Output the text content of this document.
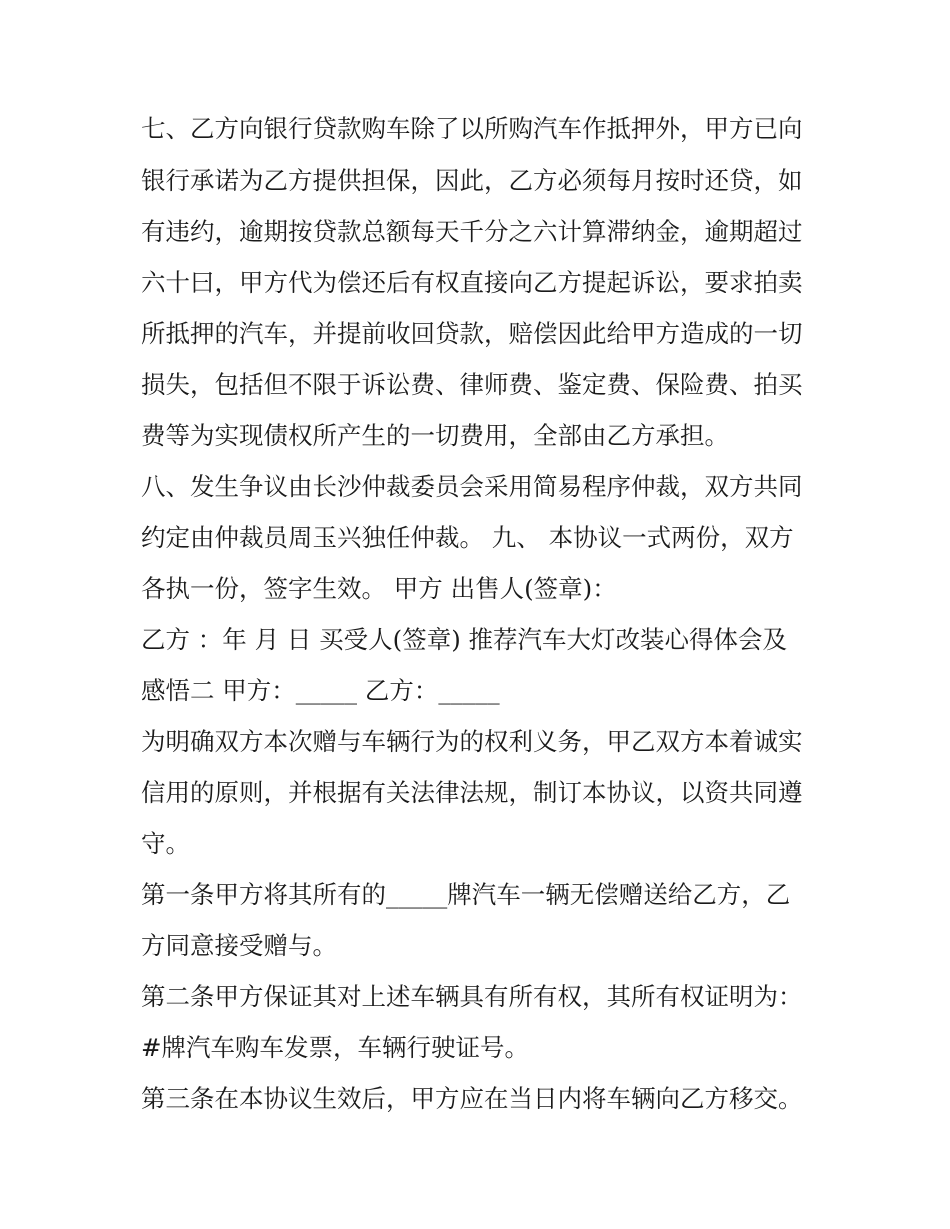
七、乙方向银行贷款购车除了以所购汽车作抵押外，甲方已向
银行承诺为乙方提供担保，因此，乙方必须每月按时还贷，如
有违约，逾期按贷款总额每天千分之六计算滞纳金，逾期超过
六十曰，甲方代为偿还后有权直接向乙方提起诉讼，要求拍卖
所抵押的汽车，并提前收回贷款，赔偿因此给甲方造成的一切
损失，包括但不限于诉讼费、律师费、鉴定费、保险费、拍买
费等为实现债权所产生的一切费用，全部由乙方承担。
八、发生争议由长沙仲裁委员会采用简易程序仲裁，双方共同
约定由仲裁员周玉兴独任仲裁。 九、 本协议一式两份，双方
各执一份，签字生效。 甲方 出售人(签章)：
乙方 ：年 月 日 买受人(签章) 推荐汽车大灯改装心得体会及
感悟二 甲方：_____ 乙方：_____
为明确双方本次赠与车辆行为的权利义务，甲乙双方本着诚实
信用的原则，并根据有关法律法规，制订本协议，以资共同遵
守。
第一条甲方将其所有的_____牌汽车一辆无偿赠送给乙方，乙
方同意接受赠与。
第二条甲方保证其对上述车辆具有所有权，其所有权证明为：
#牌汽车购车发票，车辆行驶证号。
第三条在本协议生效后，甲方应在当日内将车辆向乙方移交。
